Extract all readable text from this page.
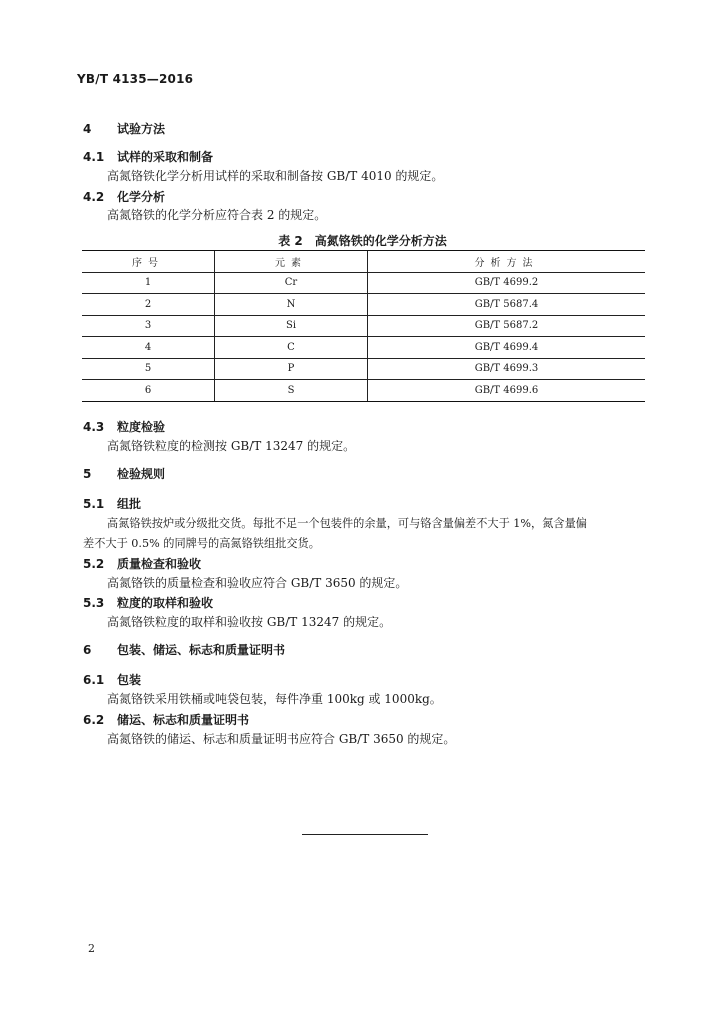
YB/T 4135—2016
4 试验方法
4.1 试样的采取和制备
高氮铬铁化学分析用试样的采取和制备按 GB/T 4010 的规定。
4.2 化学分析
高氮铬铁的化学分析应符合表 2 的规定。
表 2　高氮铬铁的化学分析方法
序号	元素	分析方法
1	Cr	GB/T 4699.2
2	N	GB/T 5687.4
3	Si	GB/T 5687.2
4	C	GB/T 4699.4
5	P	GB/T 4699.3
6	S	GB/T 4699.6
4.3 粒度检验
高氮铬铁粒度的检测按 GB/T 13247 的规定。
5 检验规则
5.1 组批
高氮铬铁按炉或分级批交货。每批不足一个包装件的余量，可与铬含量偏差不大于 1%，氮含量偏
差不大于 0.5% 的同牌号的高氮铬铁组批交货。
5.2 质量检查和验收
高氮铬铁的质量检查和验收应符合 GB/T 3650 的规定。
5.3 粒度的取样和验收
高氮铬铁粒度的取样和验收按 GB/T 13247 的规定。
6 包装、储运、标志和质量证明书
6.1 包装
高氮铬铁采用铁桶或吨袋包装，每件净重 100kg 或 1000kg。
6.2 储运、标志和质量证明书
高氮铬铁的储运、标志和质量证明书应符合 GB/T 3650 的规定。
2
